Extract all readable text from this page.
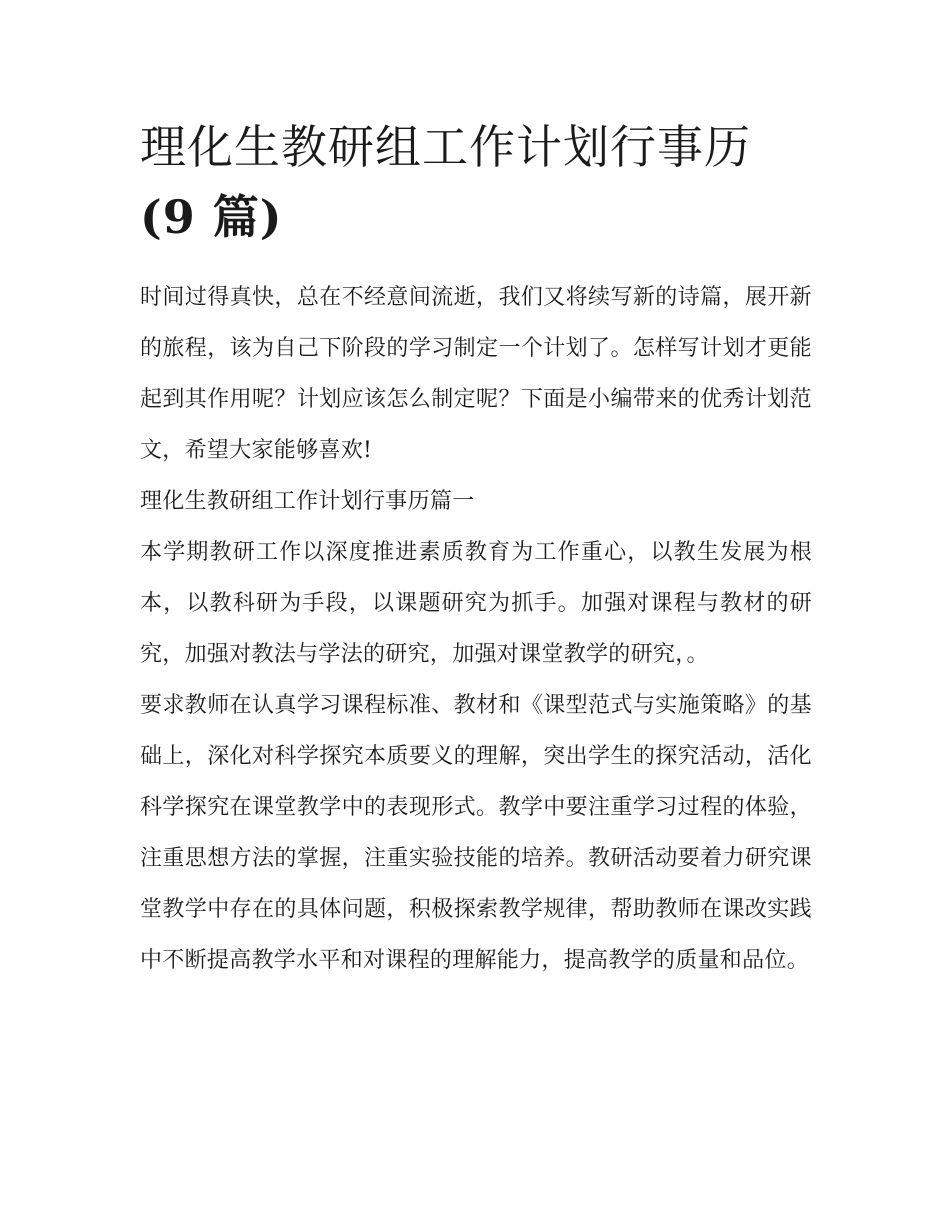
理化生教研组工作计划行事历
(9 篇)

时间过得真快，总在不经意间流逝，我们又将续写新的诗篇，展开新的旅程，该为自己下阶段的学习制定一个计划了。怎样写计划才更能起到其作用呢？计划应该怎么制定呢？下面是小编带来的优秀计划范文，希望大家能够喜欢!

理化生教研组工作计划行事历篇一

本学期教研工作以深度推进素质教育为工作重心，以教生发展为根本，以教科研为手段，以课题研究为抓手。加强对课程与教材的研究，加强对教法与学法的研究，加强对课堂教学的研究，。

要求教师在认真学习课程标准、教材和《课型范式与实施策略》的基础上，深化对科学探究本质要义的理解，突出学生的探究活动，活化科学探究在课堂教学中的表现形式。教学中要注重学习过程的体验，注重思想方法的掌握，注重实验技能的培养。教研活动要着力研究课堂教学中存在的具体问题，积极探索教学规律，帮助教师在课改实践中不断提高教学水平和对课程的理解能力，提高教学的质量和品位。
